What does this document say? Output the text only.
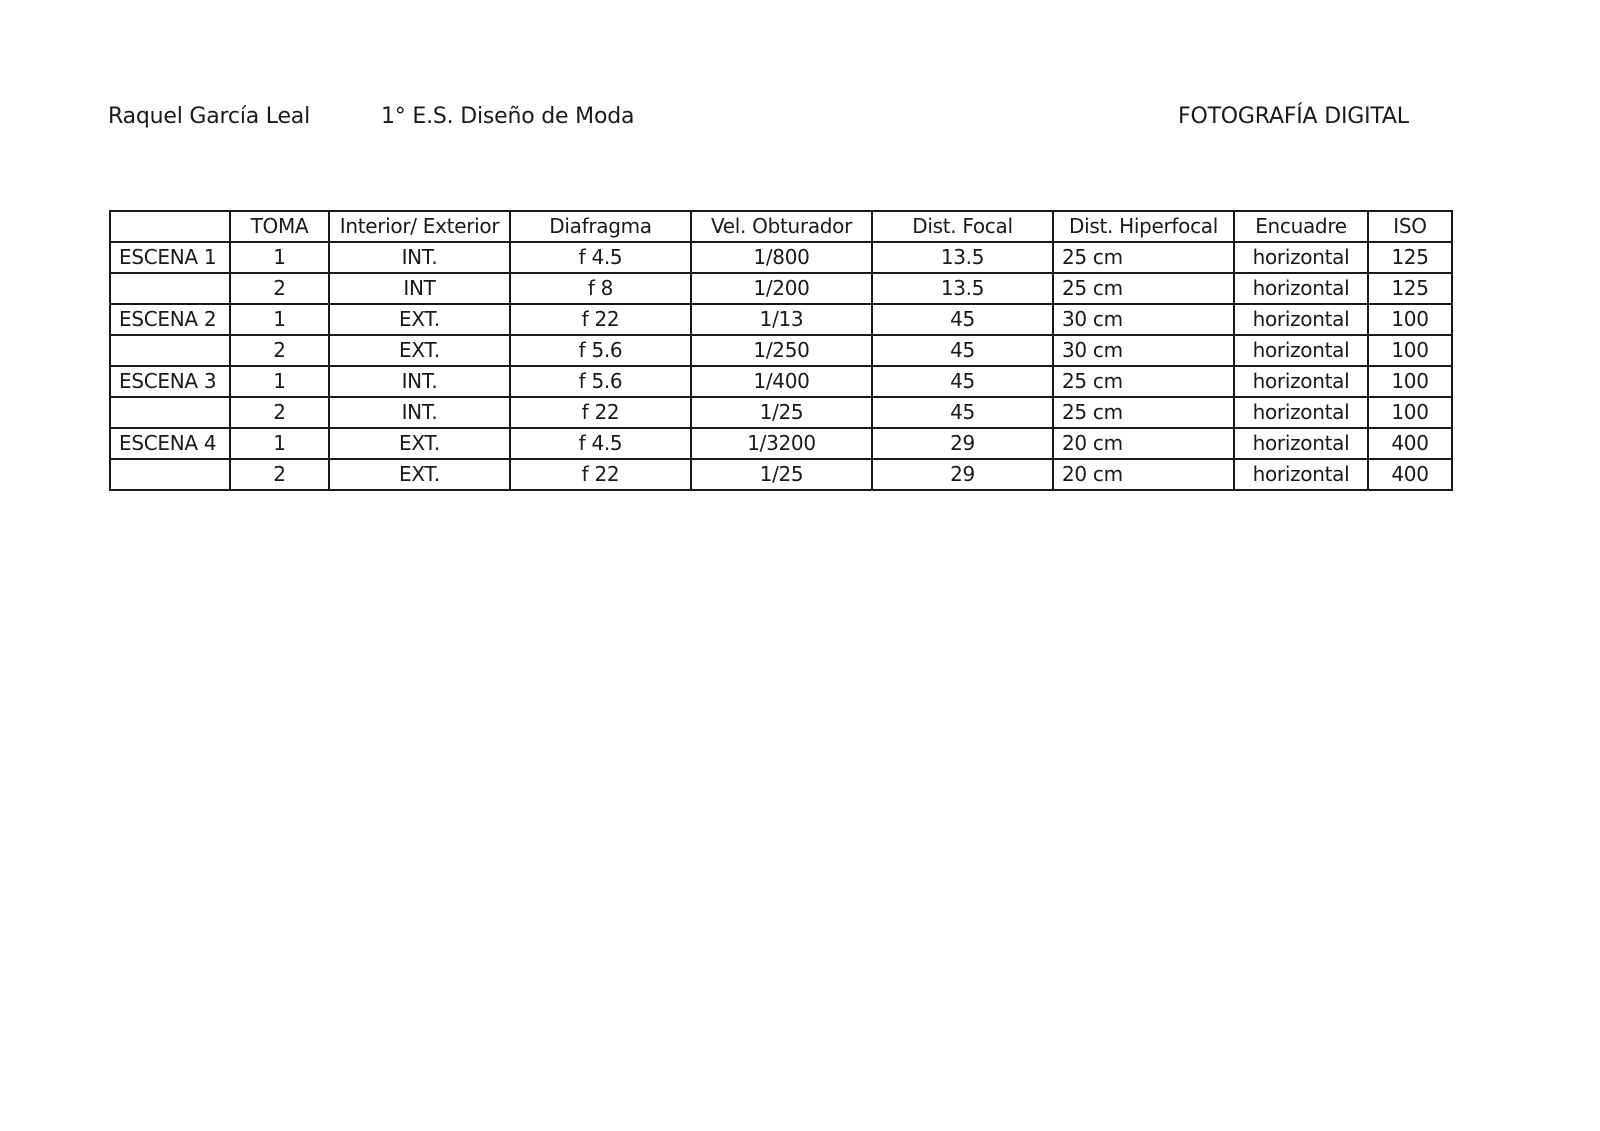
Raquel García Leal	1° E.S. Diseño de Moda	FOTOGRAFÍA DIGITAL
	TOMA	Interior/ Exterior	Diafragma	Vel. Obturador	Dist. Focal	Dist. Hiperfocal	Encuadre	ISO
ESCENA 1	1	INT.	f 4.5	1/800	13.5	25 cm	horizontal	125
	2	INT	f 8	1/200	13.5	25 cm	horizontal	125
ESCENA 2	1	EXT.	f 22	1/13	45	30 cm	horizontal	100
	2	EXT.	f 5.6	1/250	45	30 cm	horizontal	100
ESCENA 3	1	INT.	f 5.6	1/400	45	25 cm	horizontal	100
	2	INT.	f 22	1/25	45	25 cm	horizontal	100
ESCENA 4	1	EXT.	f 4.5	1/3200	29	20 cm	horizontal	400
	2	EXT.	f 22	1/25	29	20 cm	horizontal	400
